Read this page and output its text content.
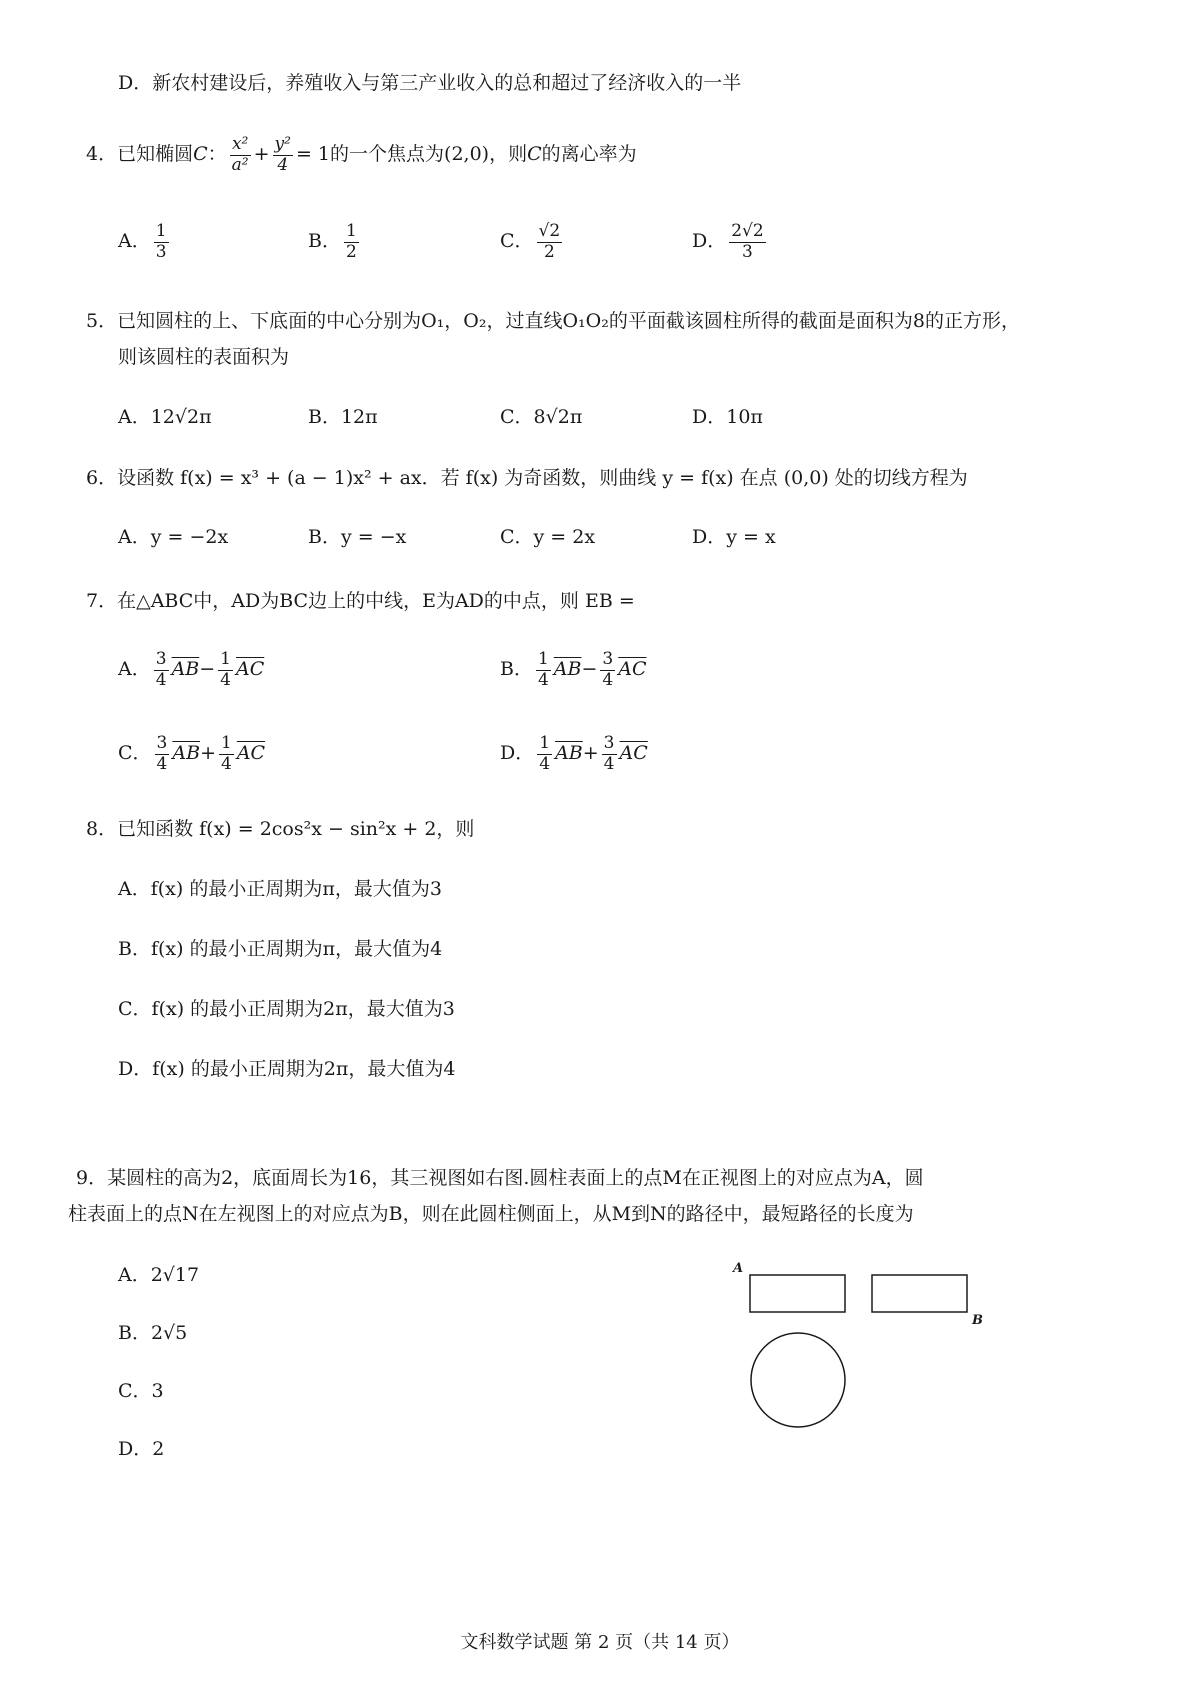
D．新农村建设后，养殖收入与第三产业收入的总和超过了经济收入的一半
4．已知椭圆C： $\frac{\text{x²}}{\text{a²}} + \frac{\text{y²}}{4} = 1$的一个焦点为(2,0)，则C的离心率为
A． $\frac{1}{3}$	B． $\frac{1}{2}$	C． $\frac{√2}{2}$	D． $\frac{2√2}{3}$
5．已知圆柱的上、下底面的中心分别为O₁，O₂，过直线O₁O₂的平面截该圆柱所得的截面是面积为8的正方形，
则该圆柱的表面积为
A．12√2π	B．12π	C．8√2π	D．10π
6．设函数 f(x) = x³ + (a − 1)x² + ax．若 f(x) 为奇函数，则曲线 y = f(x) 在点 (0,0) 处的切线方程为
A．y = −2x	B．y = −x	C．y = 2x	D．y = x
7．在△ABC中，AD为BC边上的中线，E为AD的中点，则 EB =
A． $\frac{3}{4} \overline{AB}- \frac{1}{4} \overline{AC}$	B． $\frac{1}{4} \overline{AB}- \frac{3}{4} \overline{AC}$
C． $\frac{3}{4} \overline{AB}+ \frac{1}{4} \overline{AC}$	D． $\frac{1}{4} \overline{AB}+ \frac{3}{4} \overline{AC}$
8．已知函数 f(x) = 2cos²x − sin²x + 2，则
A．f(x) 的最小正周期为π，最大值为3
B．f(x) 的最小正周期为π，最大值为4
C．f(x) 的最小正周期为2π，最大值为3
D．f(x) 的最小正周期为2π，最大值为4
9．某圆柱的高为2，底面周长为16，其三视图如右图.圆柱表面上的点M在正视图上的对应点为A，圆
柱表面上的点N在左视图上的对应点为B，则在此圆柱侧面上，从M到N的路径中，最短路径的长度为
A．2√17
B．2√5
C．3
D．2
A
B
文科数学试题 第 2 页（共 14 页）
